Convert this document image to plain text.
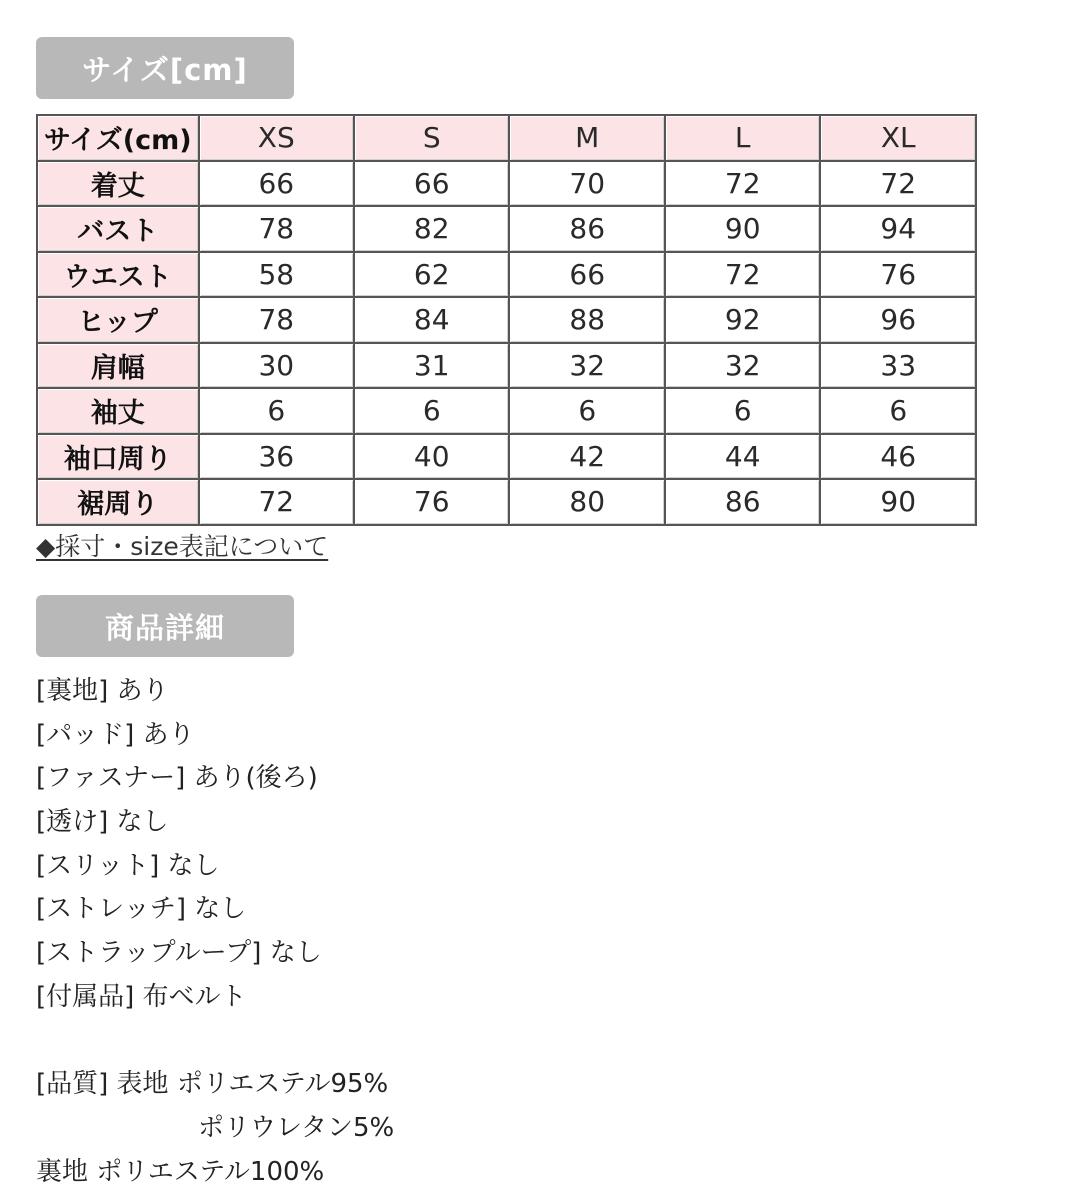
サイズ[cm]
サイズ(cm)	XS	S	M	L	XL
着丈	66	66	70	72	72
バスト	78	82	86	90	94
ウエスト	58	62	66	72	76
ヒップ	78	84	88	92	96
肩幅	30	31	32	32	33
袖丈	6	6	6	6	6
袖口周り	36	40	42	44	46
裾周り	72	76	80	86	90
◆採寸・size表記について
商品詳細
[裏地] あり
[パッド] あり
[ファスナー] あり(後ろ)
[透け] なし
[スリット] なし
[ストレッチ] なし
[ストラップループ] なし
[付属品] 布ベルト
[品質] 表地 ポリエステル95%
ポリウレタン5%
裏地 ポリエステル100%
